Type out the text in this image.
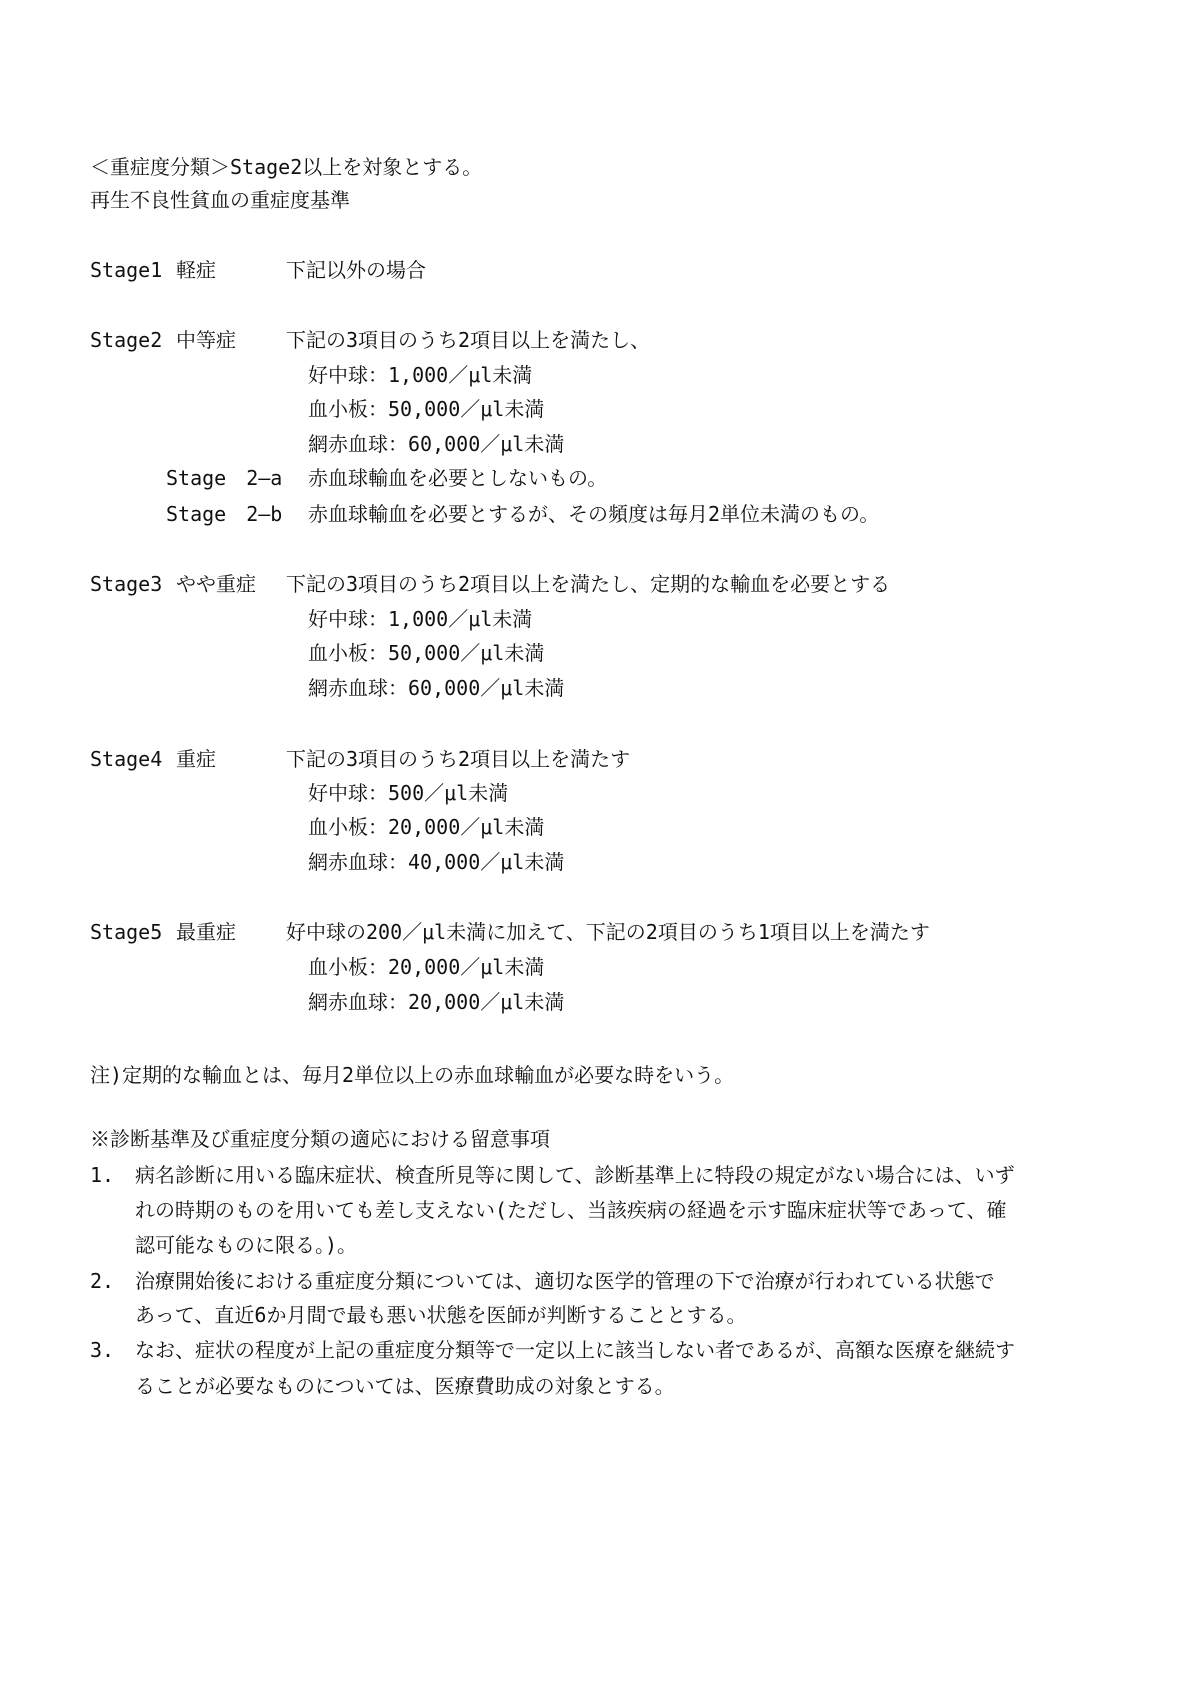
＜重症度分類＞Stage2以上を対象とする。
再生不良性貧血の重症度基準
Stage1 軽症	下記以外の場合
Stage2 中等症	下記の3項目のうち2項目以上を満たし、
好中球：1,000／μl未満
血小板：50,000／μl未満
網赤血球：60,000／μl未満
Stage　2―a 赤血球輸血を必要としないもの。
Stage　2―b 赤血球輸血を必要とするが、その頻度は毎月2単位未満のもの。
Stage3 やや重症 下記の3項目のうち2項目以上を満たし、定期的な輸血を必要とする
好中球：1,000／μl未満
血小板：50,000／μl未満
網赤血球：60,000／μl未満
Stage4 重症	下記の3項目のうち2項目以上を満たす
好中球：500／μl未満
血小板：20,000／μl未満
網赤血球：40,000／μl未満
Stage5 最重症	好中球の200／μl未満に加えて、下記の2項目のうち1項目以上を満たす
血小板：20,000／μl未満
網赤血球：20,000／μl未満
注)定期的な輸血とは、毎月2単位以上の赤血球輸血が必要な時をいう。
※診断基準及び重症度分類の適応における留意事項
1. 病名診断に用いる臨床症状、検査所見等に関して、診断基準上に特段の規定がない場合には、いず
れの時期のものを用いても差し支えない(ただし、当該疾病の経過を示す臨床症状等であって、確
認可能なものに限る。)。
2. 治療開始後における重症度分類については、適切な医学的管理の下で治療が行われている状態で
あって、直近6か月間で最も悪い状態を医師が判断することとする。
3. なお、症状の程度が上記の重症度分類等で一定以上に該当しない者であるが、高額な医療を継続す
ることが必要なものについては、医療費助成の対象とする。
